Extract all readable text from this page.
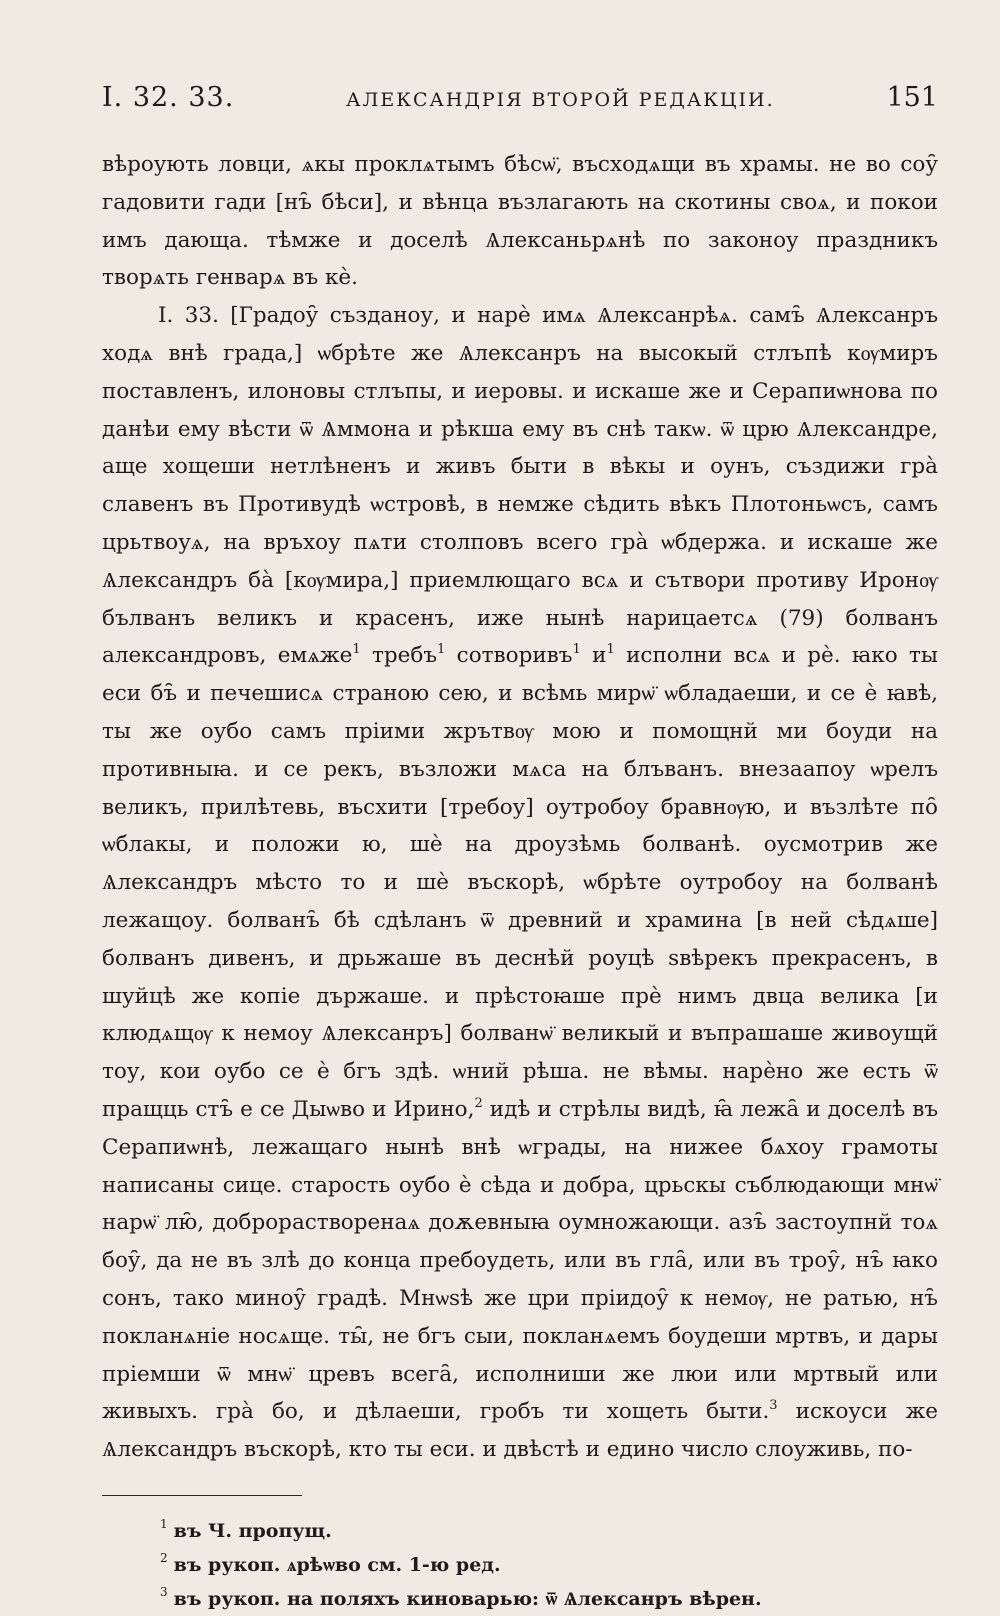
I. 32. 33.	АЛЕКСАНДРІЯ ВТОРОЙ РЕДАКЦІИ.	151

вѣроують ловци, ѧкы проклѧтымъ бѣсѡ̈, въсходѧщи въ храмы. не во соу̑ гадовити гади [нъ̑ бѣси], и вѣнца възлагають на скотины своѧ, и покои имъ дающа. тѣмже и доселѣ Ѧлексаньрѧнѣ по законоу праздникъ творѧть генварѧ въ кѐ.

I. 33. [Градоу̑ създаноу, и нарѐ имѧ Ѧлексанрѣѧ. самъ̑ Ѧлексанръ ходѧ внѣ града,] ѡбрѣте же Ѧлексанръ на высокый стлъпѣ кѹмиръ поставленъ, илоновы стлъпы, и иеровы. и искаше же и Серапиѡнова по данѣи ему вѣсти ѿ Ѧммона и рѣкша ему въ снѣ такѡ. ѿ црю Ѧлександре, аще хощеши нетлѣненъ и живъ быти в вѣкы и оунъ, създижи грà славенъ въ Противудѣ ѡстровѣ, в немже сѣдить вѣкъ Плотоньѡсъ, самъ црьтвоуѧ, на връхоу пѧти столповъ всего грà ѡбдержа. и искаше же Ѧлександръ бà [кѹмира,] приемлющаго всѧ и сътвори противу Иронѹ бълванъ великъ и красенъ, иже нынѣ нарицаетсѧ (79) болванъ александровъ, емѧже$^1$ требъ$^1$ сотворивъ$^1$ $и^1$ исполни всѧ и рѐ. ꙗко ты еси бъ̑ и печешисѧ страною сею, и всѣмь мирѡ̈ ѡбладаеши, и се ѐ ꙗвѣ, ты же оубо самъ пріими жрътвѹ мою и помощнй ми боуди на противныꙗ. и се рекъ, възложи мѧса на блъванъ. внезаапоу ѡрелъ великъ, прилѣтевь, въсхити [требоу] оутробоу бравнѹю, и възлѣте по̑ ѡблакы, и положи ю, шѐ на дроузѣмь болванѣ. оусмотрив же Ѧлександръ мѣсто то и шѐ въскорѣ, ѡбрѣте оутробоу на болванѣ лежащоу. болванъ̑ бѣ сдѣланъ ѿ древний и храмина [в ней сѣдѧше] болванъ дивенъ, и дрьжаше въ деснѣй роуцѣ sвѣрекъ прекрасенъ, в шуйцѣ же копіе държаше. и прѣстоꙗше прѐ нимъ двца велика [и клюдѧщѹ к немоу Ѧлексанръ] болванѡ̈ великый и въпрашаше живоущй тоу, кои оубо се ѐ бгъ здѣ. ѡний рѣша. не вѣмы. нарѐно же есть ѿ пращць стъ̑ е се Дыѡво и Ирино,$^2$ идѣ и стрѣлы видѣ, ꙗ̑ лежа̑ и доселѣ въ Серапиѡнѣ, лежащаго нынѣ внѣ ѡграды, на нижее бѧхоу грамоты написаны сице. старость оубо ѐ сѣда и добра, црьскы съблюдающи мнѡ̈ нарѡ̈ лю̑, доброрастворенаѧ доѫевныꙗ оумножающи. азъ̑ застоупнй тоѧ боу̑, да не въ злѣ до конца пребоудеть, или въ гла̑, или въ троу̑, нъ̑ ꙗко сонъ, тако миноу̑ градѣ. Мнѡѕѣ же цри пріидоу̑ к немѹ, не ратью, нъ̑ покланѧніе носѧще. ты̑, не бгъ сыи, покланѧемъ боудеши мртвъ, и дары пріемши ѿ мнѡ̈ цревъ всега̑, исполниши же люи или мртвый или живыхъ. грà бо, и дѣлаеши, гробъ ти хощеть быти.$^3$ искоуси же Ѧлександръ въскорѣ, кто ты еси. и двѣстѣ и едино число слоуживь, по-

$^1$ въ Ч. пропущ.
$^2$ въ рукоп. ѧрѣѡво см. 1-ю ред.
$^3$ въ рукоп. на поляхъ киноварью: ѿ Ѧлексанръ вѣрен.
